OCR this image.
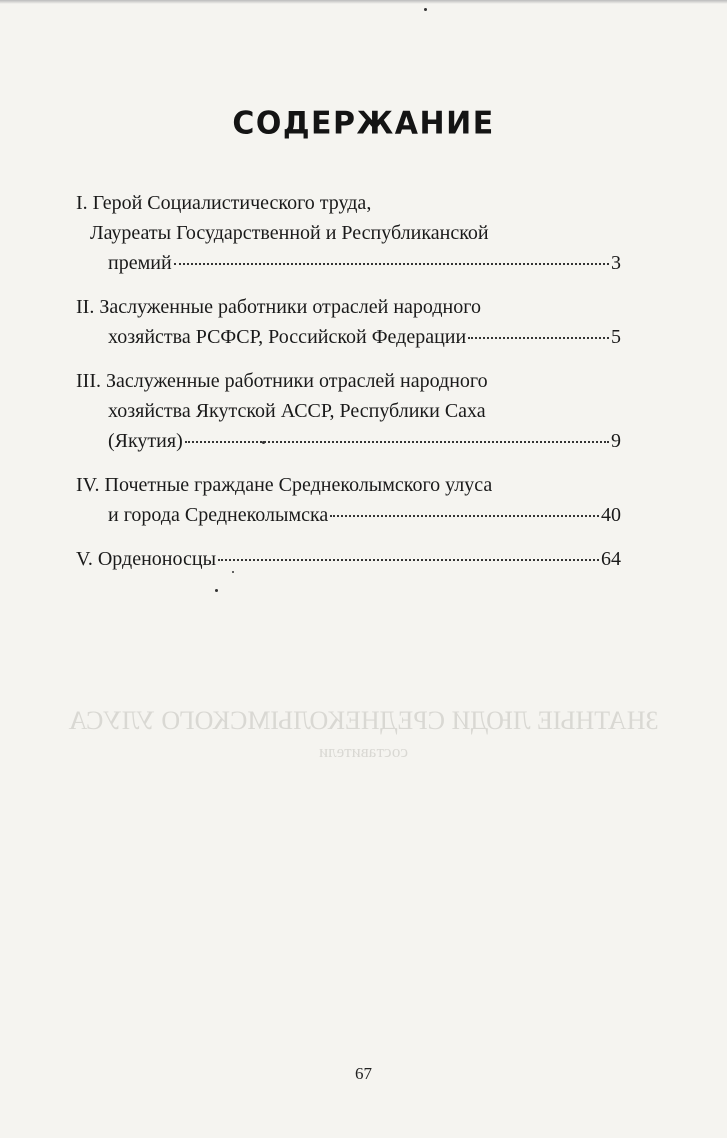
СОДЕРЖАНИЕ
I. Герой Социалистического труда,
Лауреаты Государственной и Республиканской
премий	3
II. Заслуженные работники отраслей народного
хозяйства РСФСР, Российской Федерации	5
III. Заслуженные работники отраслей народного
хозяйства Якутской АССР, Республики Саха
(Якутия)	9
IV. Почетные граждане Среднеколымского улуса
и города Среднеколымска	40
V. Орденоносцы	64
ЗНАТНЫЕ ЛЮДИ СРЕДНЕКОЛЫМСКОГО УЛУСА
составители

67
